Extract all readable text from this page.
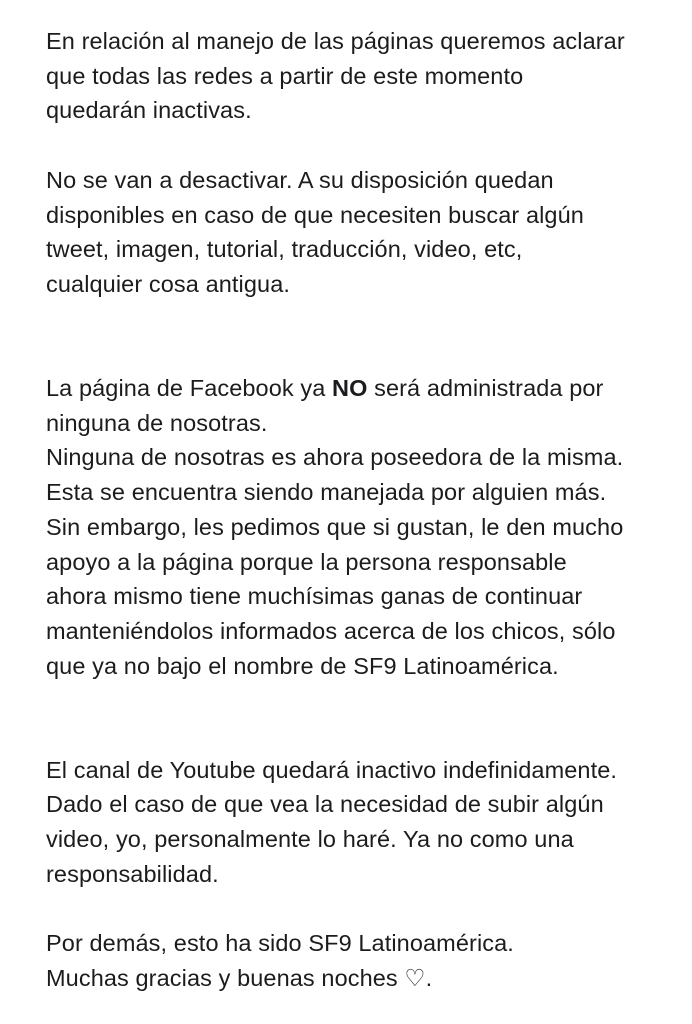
En relación al manejo de las páginas queremos aclarar
que todas las redes a partir de este momento
quedarán inactivas.
No se van a desactivar. A su disposición quedan
disponibles en caso de que necesiten buscar algún
tweet, imagen, tutorial, traducción, video, etc,
cualquier cosa antigua.
La página de Facebook ya NO será administrada por
ninguna de nosotras.
Ninguna de nosotras es ahora poseedora de la misma.
Esta se encuentra siendo manejada por alguien más.
Sin embargo, les pedimos que si gustan, le den mucho
apoyo a la página porque la persona responsable
ahora mismo tiene muchísimas ganas de continuar
manteniéndolos informados acerca de los chicos, sólo
que ya no bajo el nombre de SF9 Latinoamérica.
El canal de Youtube quedará inactivo indefinidamente.
Dado el caso de que vea la necesidad de subir algún
video, yo, personalmente lo haré. Ya no como una
responsabilidad.
Por demás, esto ha sido SF9 Latinoamérica.
Muchas gracias y buenas noches ♡.
